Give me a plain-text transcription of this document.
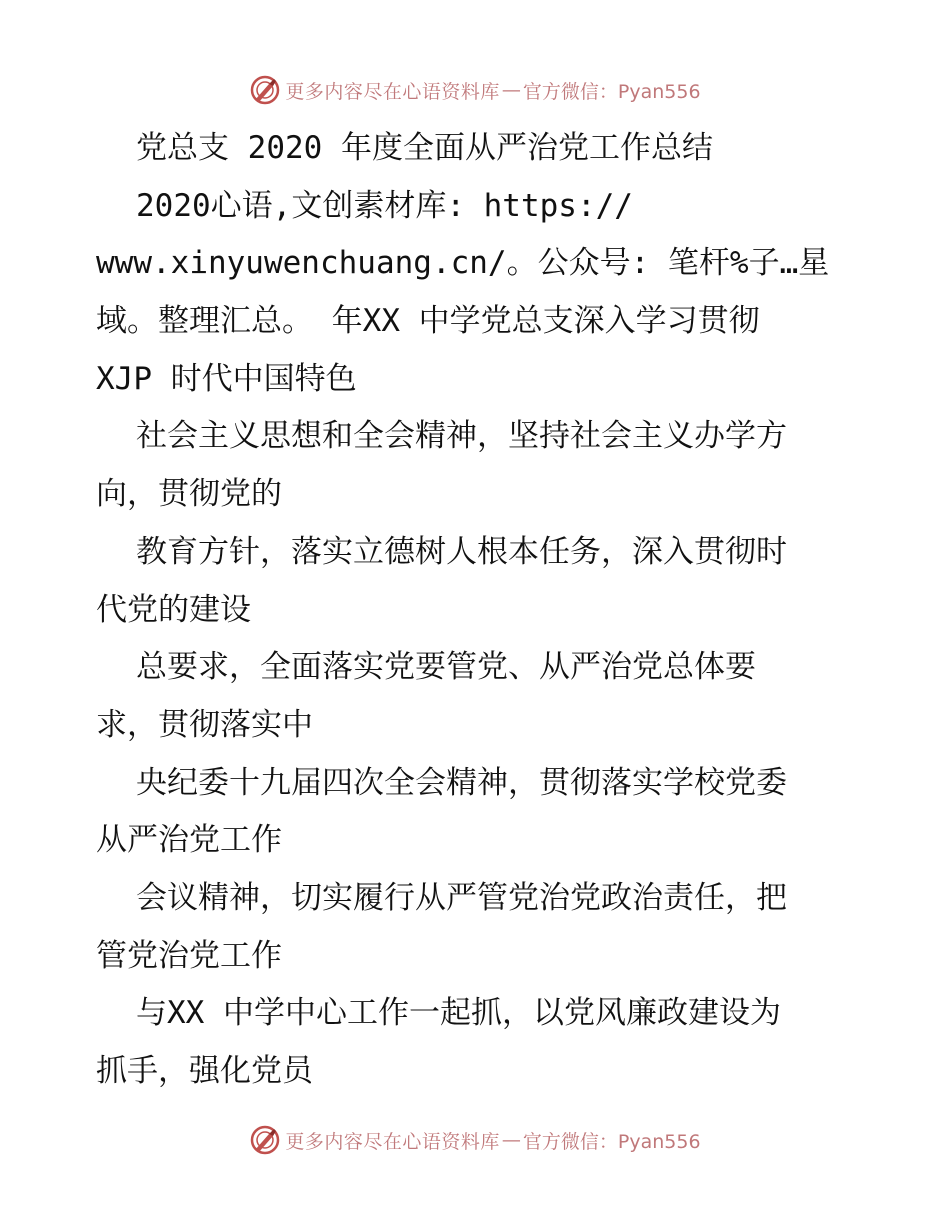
更多内容尽在心语资料库 — 官方微信：Pyan556
党总支 2020 年度全面从严治党工作总结
2020心语,文创素材库: https://
www.xinyuwenchuang.cn/。公众号: 笔杆%子…星
域。整理汇总。 年XX 中学党总支深入学习贯彻
XJP 时代中国特色
社会主义思想和全会精神，坚持社会主义办学方
向，贯彻党的
教育方针，落实立德树人根本任务，深入贯彻时
代党的建设
总要求，全面落实党要管党、从严治党总体要
求，贯彻落实中
央纪委十九届四次全会精神，贯彻落实学校党委
从严治党工作
会议精神，切实履行从严管党治党政治责任，把
管党治党工作
与XX 中学中心工作一起抓，以党风廉政建设为
抓手，强化党员
更多内容尽在心语资料库 — 官方微信：Pyan556
